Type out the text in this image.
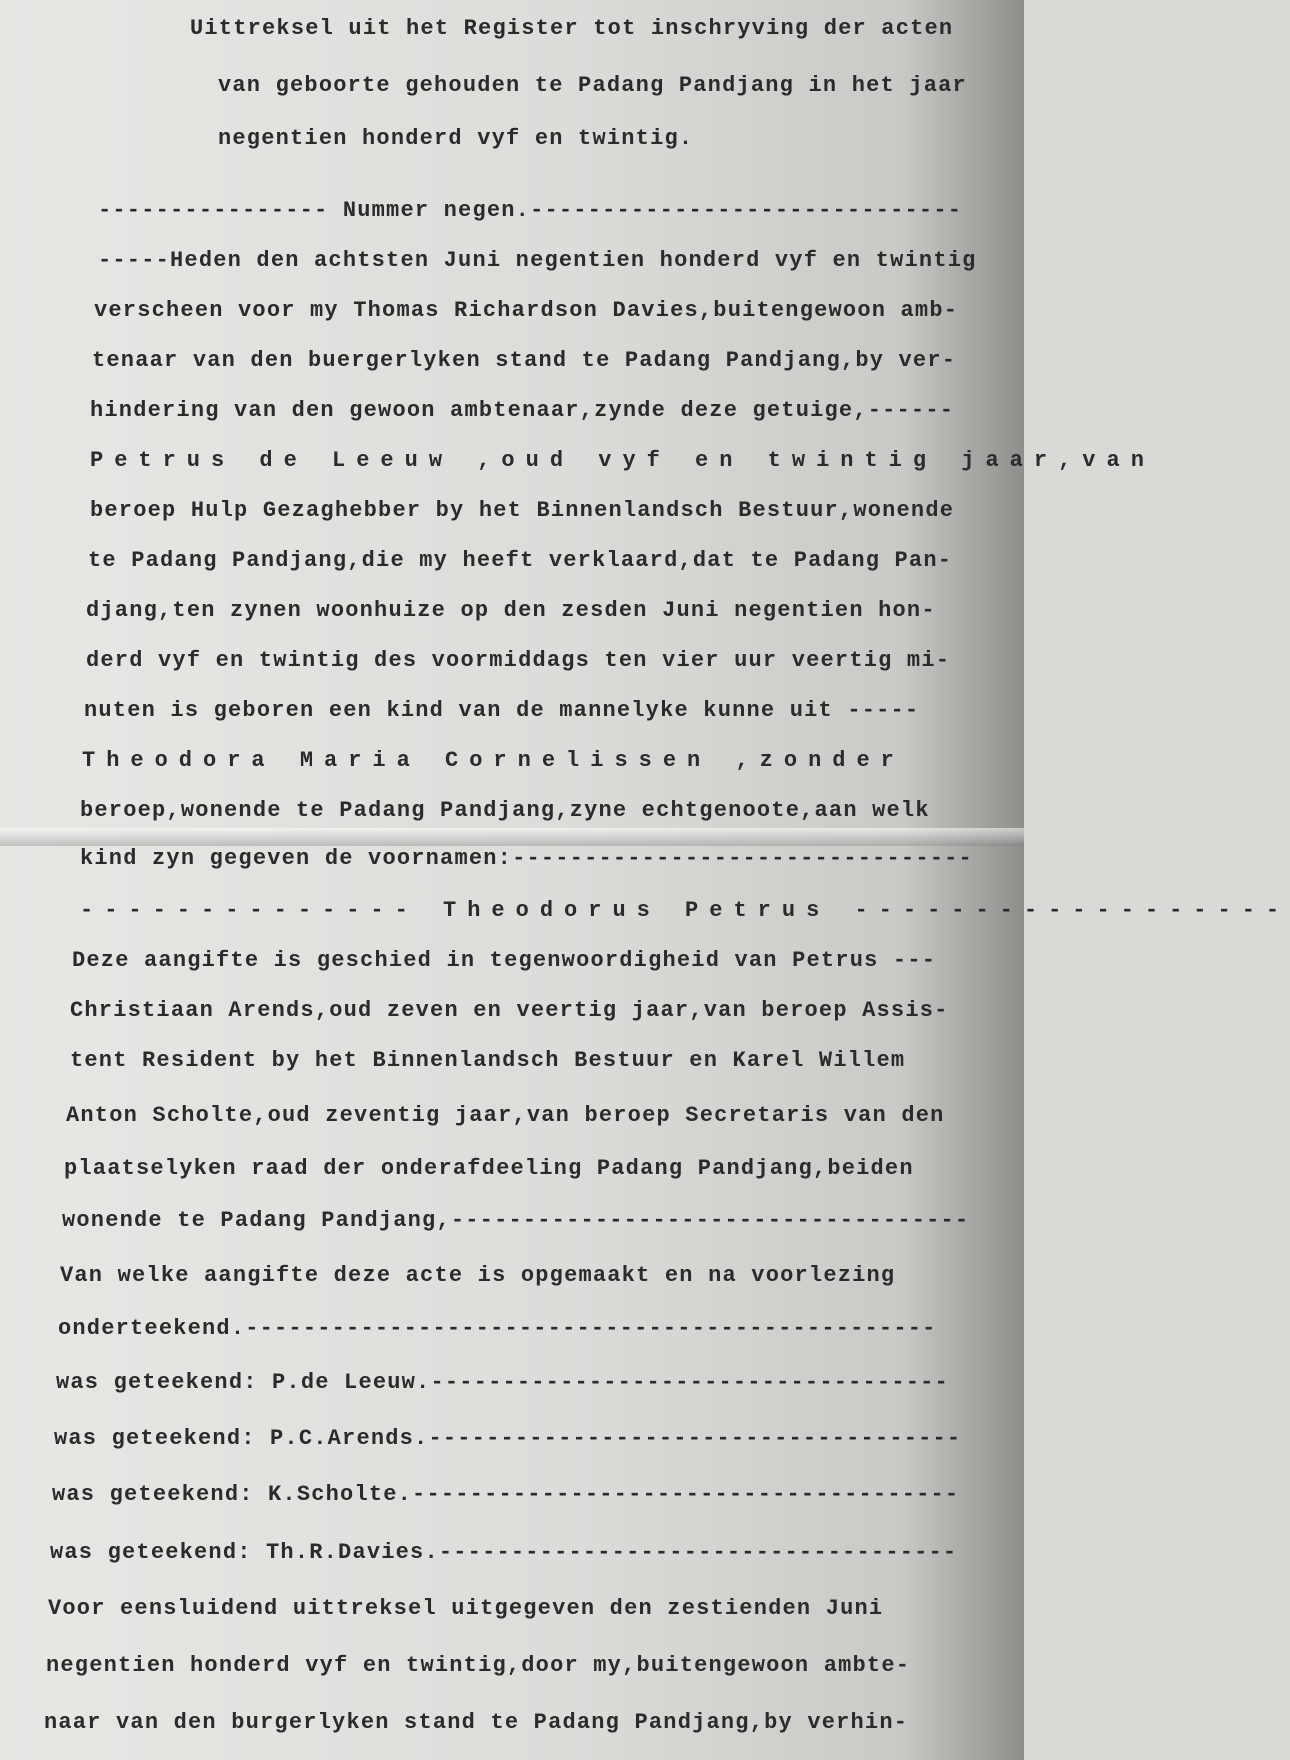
Uittreksel uit het Register tot inschryving der acten
van geboorte gehouden te Padang Pandjang in het jaar
negentien honderd vyf en twintig.
---------------- Nummer negen.------------------------------
-----Heden den achtsten Juni negentien honderd vyf en twintig
verscheen voor my Thomas Richardson Davies,buitengewoon amb-
tenaar van den buergerlyken stand te Padang Pandjang,by ver-
hindering van den gewoon ambtenaar,zynde deze getuige,------
Petrus de Leeuw ,oud vyf en twintig jaar,van
beroep Hulp Gezaghebber by het Binnenlandsch Bestuur,wonende
te Padang Pandjang,die my heeft verklaard,dat te Padang Pan-
djang,ten zynen woonhuize op den zesden Juni negentien hon-
derd vyf en twintig des voormiddags ten vier uur veertig mi-
nuten is geboren een kind van de mannelyke kunne uit -----
Theodora Maria Cornelissen ,zonder
beroep,wonende te Padang Pandjang,zyne echtgenoote,aan welk
kind zyn gegeven de voornamen:--------------------------------
-------------- Theodorus Petrus ------------------
Deze aangifte is geschied in tegenwoordigheid van Petrus ---
Christiaan Arends,oud zeven en veertig jaar,van beroep Assis-
tent Resident by het Binnenlandsch Bestuur en Karel Willem
Anton Scholte,oud zeventig jaar,van beroep Secretaris van den
plaatselyken raad der onderafdeeling Padang Pandjang,beiden
wonende te Padang Pandjang,------------------------------------
Van welke aangifte deze acte is opgemaakt en na voorlezing
onderteekend.------------------------------------------------
was geteekend: P.de Leeuw.------------------------------------
was geteekend: P.C.Arends.-------------------------------------
was geteekend: K.Scholte.--------------------------------------
was geteekend: Th.R.Davies.------------------------------------
Voor eensluidend uittreksel uitgegeven den zestienden Juni
negentien honderd vyf en twintig,door my,buitengewoon ambte-
naar van den burgerlyken stand te Padang Pandjang,by verhin-
